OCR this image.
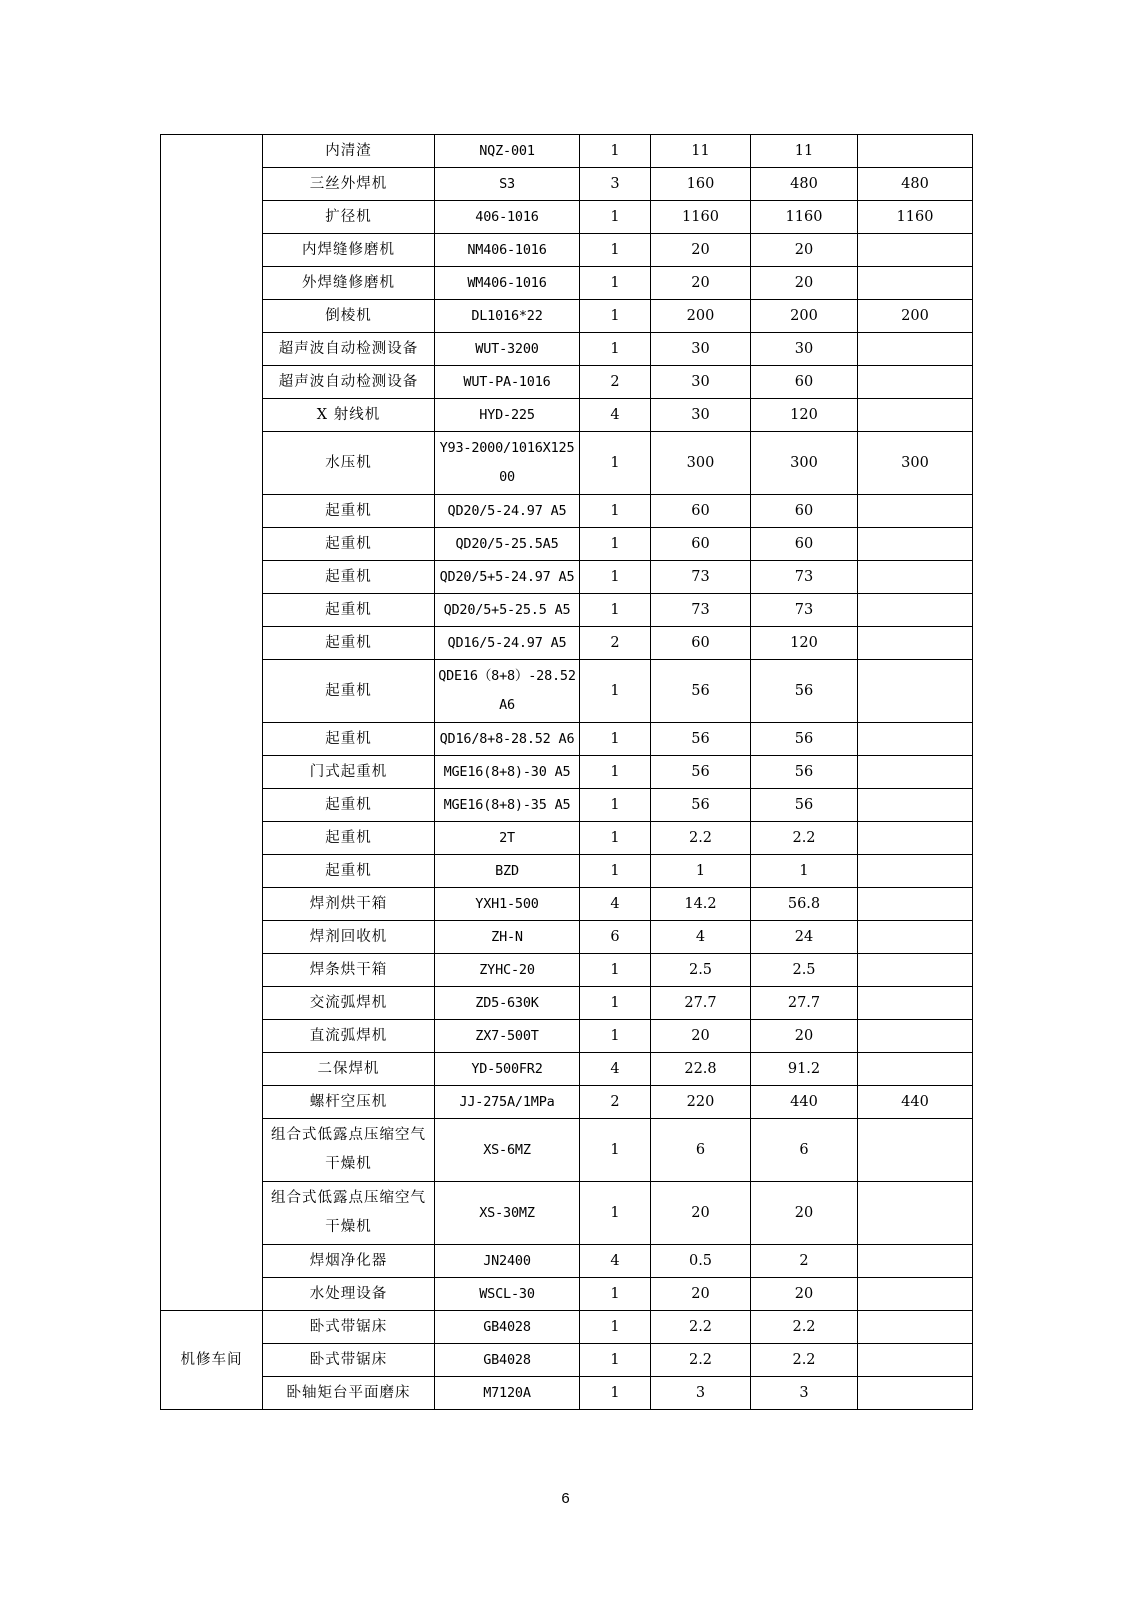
	内清渣	NQZ-001	1	11	11	
	三丝外焊机	S3	3	160	480	480
	扩径机	406-1016	1	1160	1160	1160
	内焊缝修磨机	NM406-1016	1	20	20	
	外焊缝修磨机	WM406-1016	1	20	20	
	倒棱机	DL1016*22	1	200	200	200
	超声波自动检测设备	WUT-3200	1	30	30	
	超声波自动检测设备	WUT-PA-1016	2	30	60	
	X 射线机	HYD-225	4	30	120	
	水压机	Y93-2000/1016X12500	1	300	300	300
	起重机	QD20/5-24.97 A5	1	60	60	
	起重机	QD20/5-25.5A5	1	60	60	
	起重机	QD20/5+5-24.97 A5	1	73	73	
	起重机	QD20/5+5-25.5 A5	1	73	73	
	起重机	QD16/5-24.97 A5	2	60	120	
	起重机	QDE16（8+8）-28.52 A6	1	56	56	
	起重机	QD16/8+8-28.52 A6	1	56	56	
	门式起重机	MGE16(8+8)-30 A5	1	56	56	
	起重机	MGE16(8+8)-35 A5	1	56	56	
	起重机	2T	1	2.2	2.2	
	起重机	BZD	1	1	1	
	焊剂烘干箱	YXH1-500	4	14.2	56.8	
	焊剂回收机	ZH-N	6	4	24	
	焊条烘干箱	ZYHC-20	1	2.5	2.5	
	交流弧焊机	ZD5-630K	1	27.7	27.7	
	直流弧焊机	ZX7-500T	1	20	20	
	二保焊机	YD-500FR2	4	22.8	91.2	
	螺杆空压机	JJ-275A/1MPa	2	220	440	440
	组合式低露点压缩空气干燥机	XS-6MZ	1	6	6	
	组合式低露点压缩空气干燥机	XS-30MZ	1	20	20	
	焊烟净化器	JN2400	4	0.5	2	
	水处理设备	WSCL-30	1	20	20	
机修车间	卧式带锯床	GB4028	1	2.2	2.2	
	卧式带锯床	GB4028	1	2.2	2.2	
	卧轴矩台平面磨床	M7120A	1	3	3	
6
